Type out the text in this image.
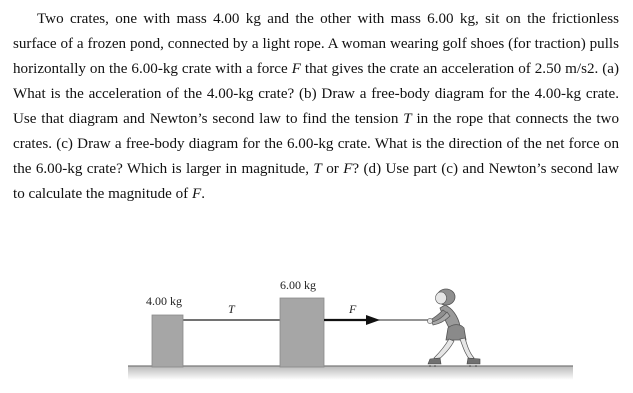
Two crates, one with mass 4.00 kg and the other with mass 6.00 kg, sit on the frictionless surface of a frozen pond, connected by a light rope. A woman wearing golf shoes (for traction) pulls horizontally on the 6.00-kg crate with a force F that gives the crate an acceleration of 2.50 m/s2. (a) What is the acceleration of the 4.00-kg crate? (b) Draw a free-body diagram for the 4.00-kg crate. Use that diagram and Newton’s second law to find the tension T in the rope that connects the two crates. (c) Draw a free-body diagram for the 6.00-kg crate. What is the direction of the net force on the 6.00-kg crate? Which is larger in magnitude, T or F? (d) Use part (c) and Newton’s second law to calculate the magnitude of F.

4.00 kg
6.00 kg
T	F
